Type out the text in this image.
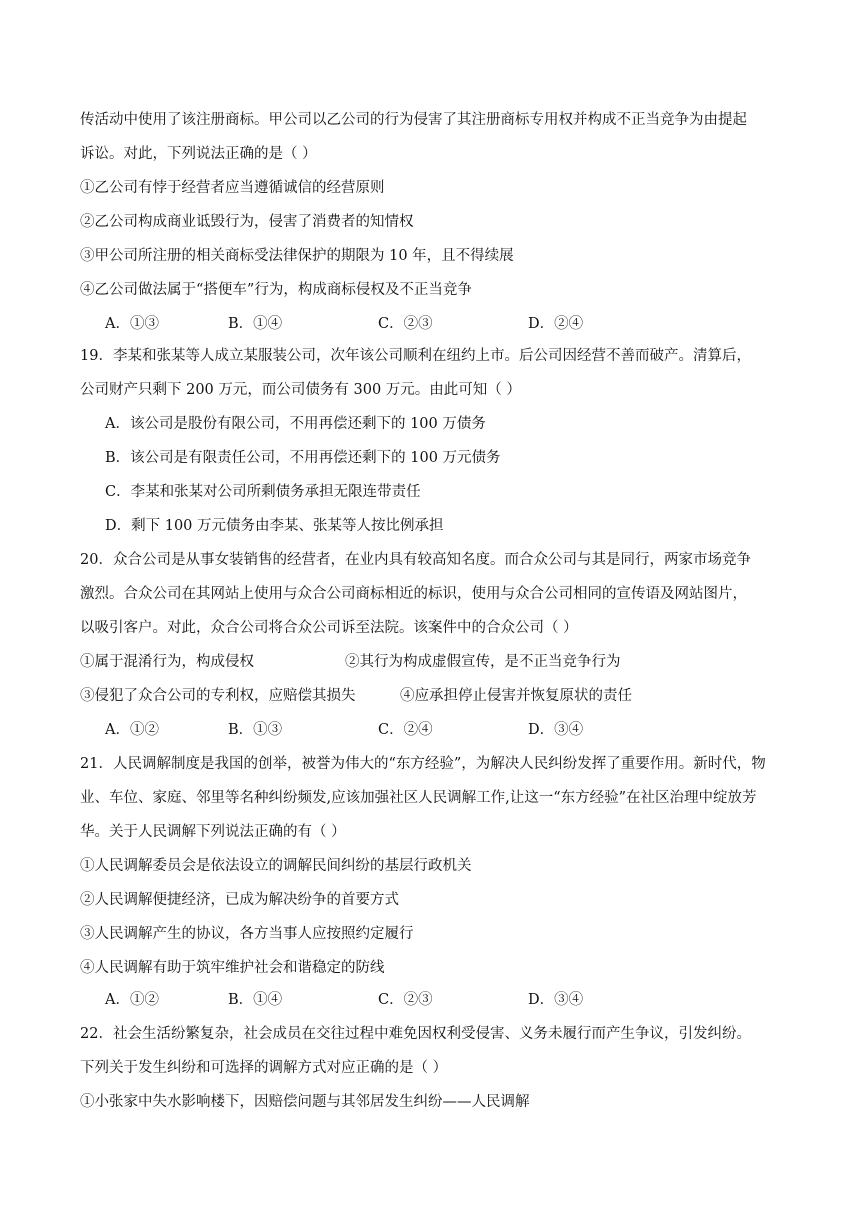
传活动中使用了该注册商标。甲公司以乙公司的行为侵害了其注册商标专用权并构成不正当竞争为由提起
诉讼。对此，下列说法正确的是（ ）
①乙公司有悖于经营者应当遵循诚信的经营原则
②乙公司构成商业诋毁行为，侵害了消费者的知情权
③甲公司所注册的相关商标受法律保护的期限为 10 年，且不得续展
④乙公司做法属于“搭便车”行为，构成商标侵权及不正当竞争
A．①③	B．①④	C．②③	D．②④
19．李某和张某等人成立某服装公司，次年该公司顺利在纽约上市。后公司因经营不善而破产。清算后，
公司财产只剩下 200 万元，而公司债务有 300 万元。由此可知（ ）
A．该公司是股份有限公司，不用再偿还剩下的 100 万债务
B．该公司是有限责任公司，不用再偿还剩下的 100 万元债务
C．李某和张某对公司所剩债务承担无限连带责任
D．剩下 100 万元债务由李某、张某等人按比例承担
20．众合公司是从事女装销售的经营者，在业内具有较高知名度。而合众公司与其是同行，两家市场竞争
激烈。合众公司在其网站上使用与众合公司商标相近的标识，使用与众合公司相同的宣传语及网站图片，
以吸引客户。对此，众合公司将合众公司诉至法院。该案件中的合众公司（ ）
①属于混淆行为，构成侵权	②其行为构成虚假宣传，是不正当竞争行为
③侵犯了众合公司的专利权，应赔偿其损失	④应承担停止侵害并恢复原状的责任
A．①②	B．①③	C．②④	D．③④
21．人民调解制度是我国的创举，被誉为伟大的“东方经验”，为解决人民纠纷发挥了重要作用。新时代，物
业、车位、家庭、邻里等名种纠纷频发,应该加强社区人民调解工作,让这一“东方经验”在社区治理中绽放芳
华。关于人民调解下列说法正确的有（ ）
①人民调解委员会是依法设立的调解民间纠纷的基层行政机关
②人民调解便捷经济，已成为解决纷争的首要方式
③人民调解产生的协议，各方当事人应按照约定履行
④人民调解有助于筑牢维护社会和谐稳定的防线
A．①②	B．①④	C．②③	D．③④
22．社会生活纷繁复杂，社会成员在交往过程中难免因权利受侵害、义务未履行而产生争议，引发纠纷。
下列关于发生纠纷和可选择的调解方式对应正确的是（ ）
①小张家中失水影响楼下，因赔偿问题与其邻居发生纠纷——人民调解
